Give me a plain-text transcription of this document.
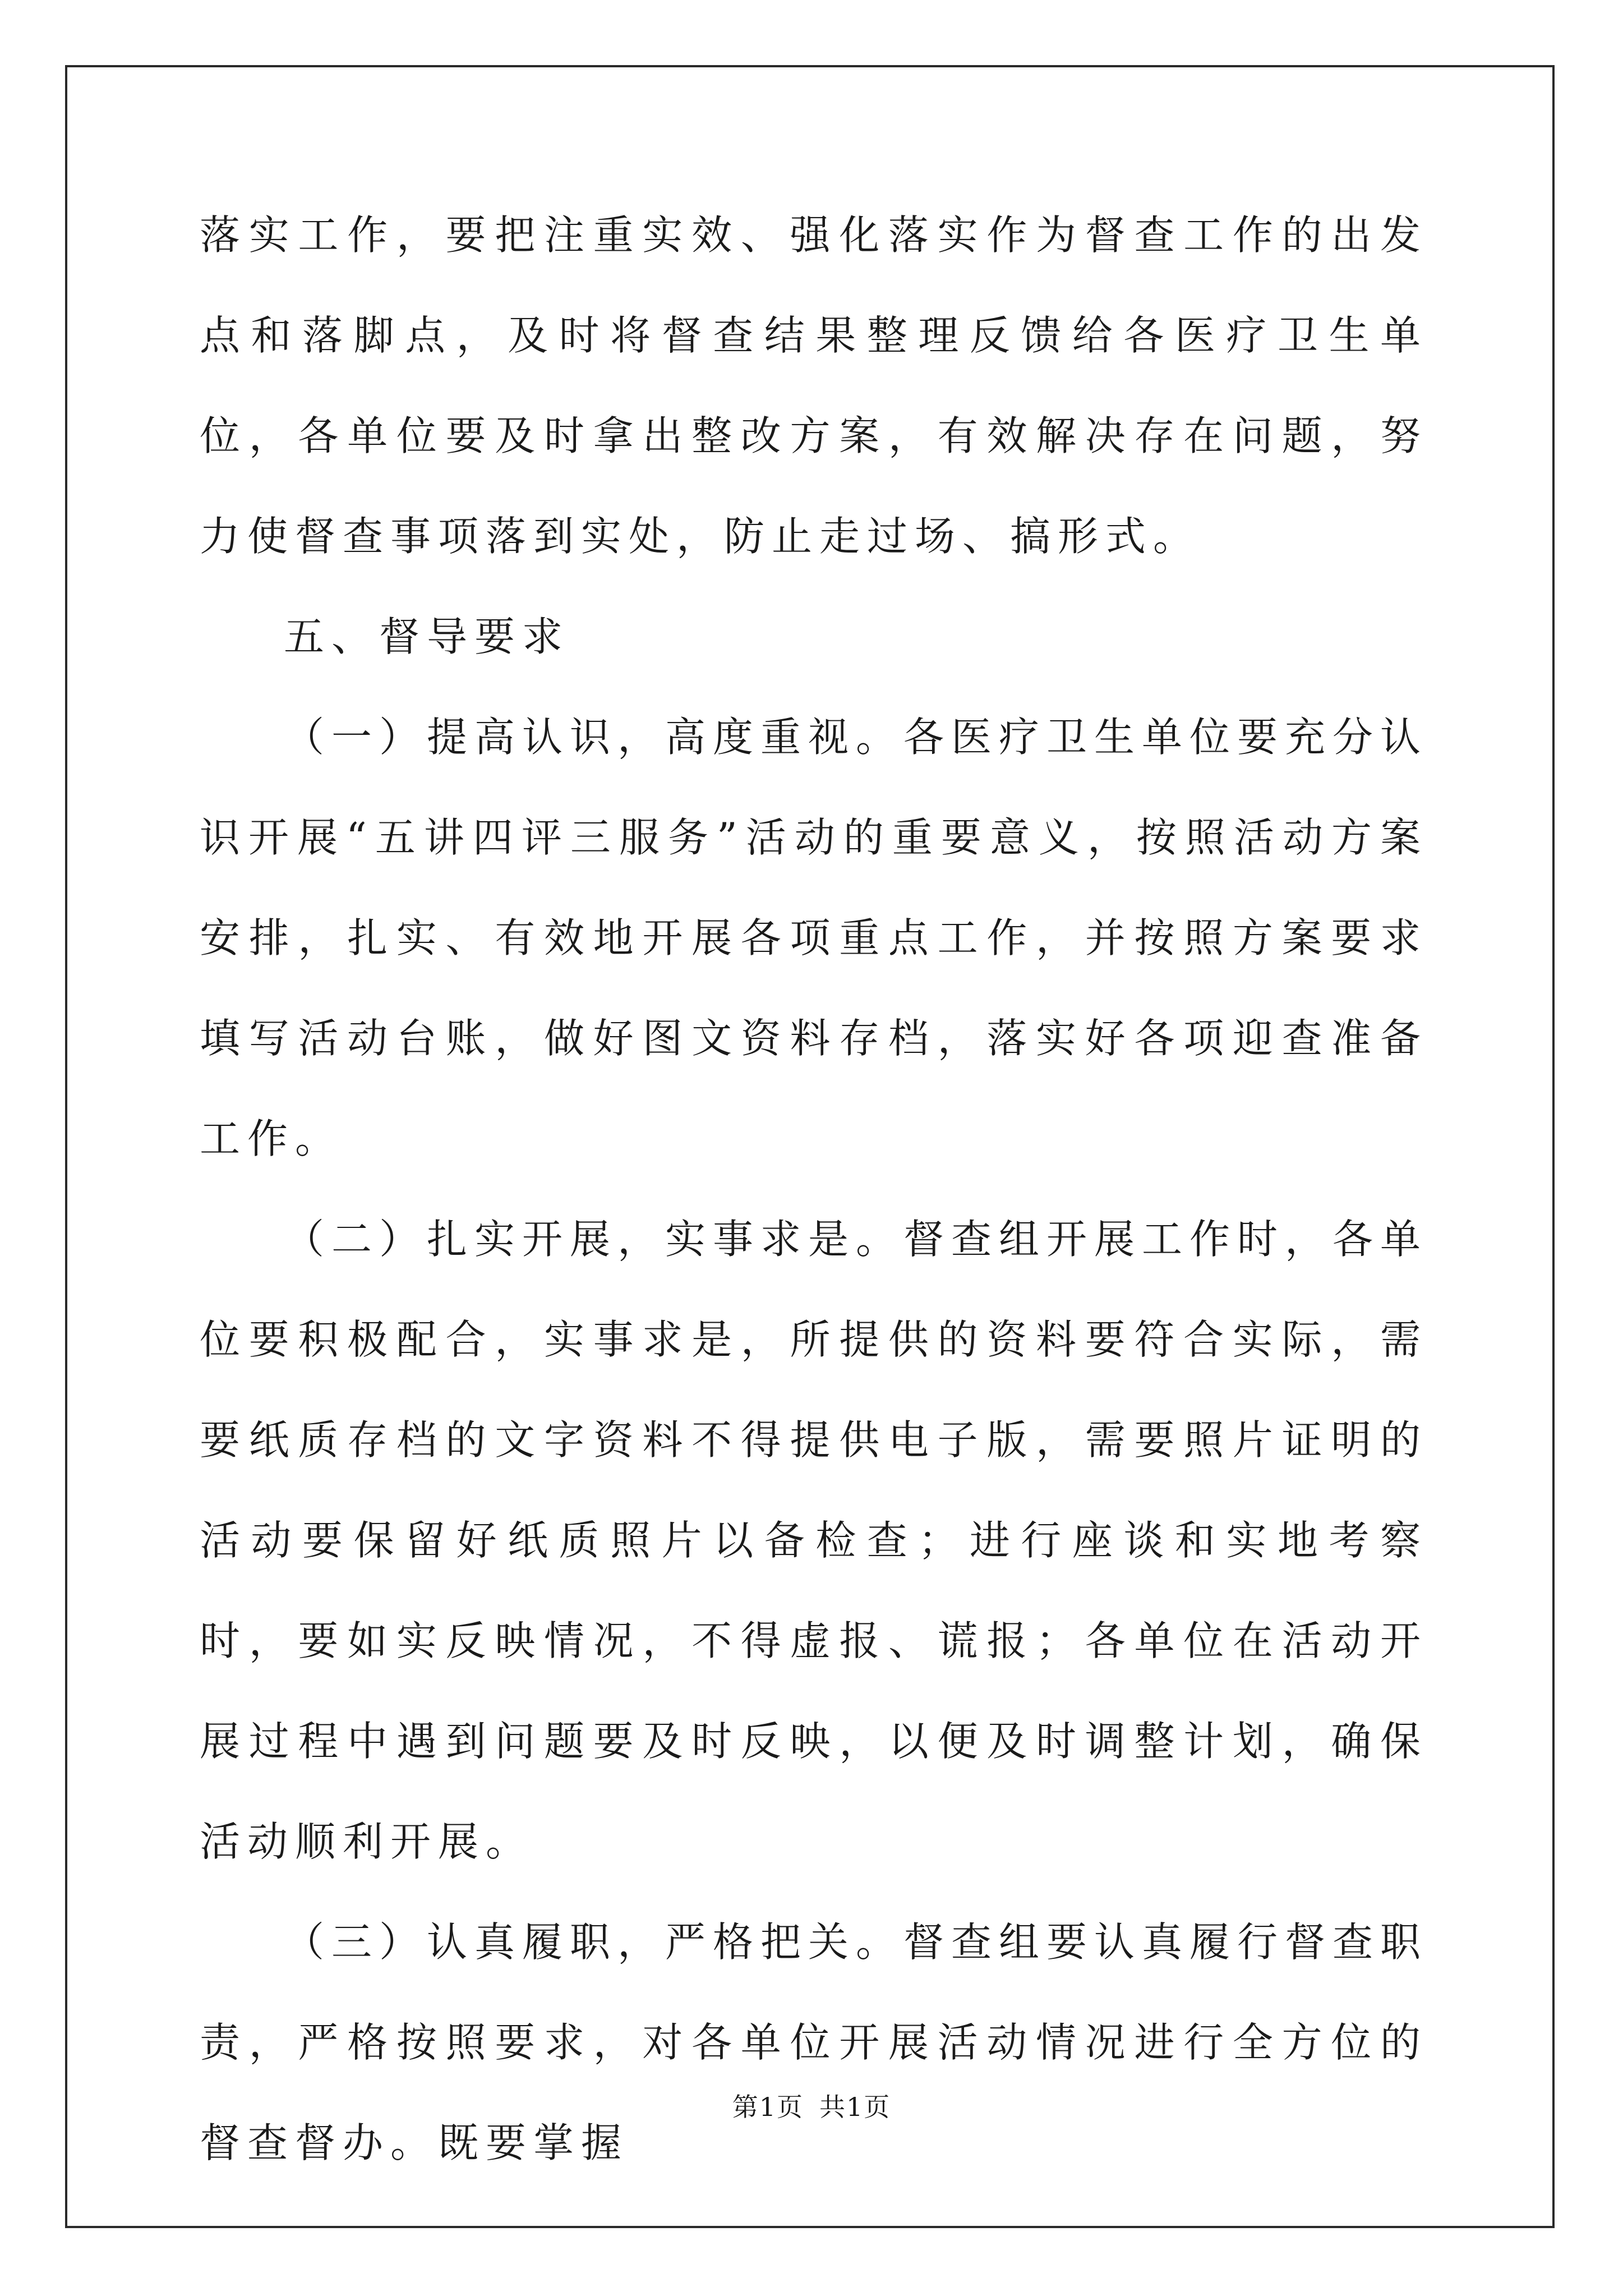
落实工作，要把注重实效、强化落实作为督查工作的出发点和落脚点，及时将督查结果整理反馈给各医疗卫生单位，各单位要及时拿出整改方案，有效解决存在问题，努力使督查事项落到实处，防止走过场、搞形式。

五、督导要求

（一）提高认识，高度重视。各医疗卫生单位要充分认识开展“五讲四评三服务”活动的重要意义，按照活动方案安排，扎实、有效地开展各项重点工作，并按照方案要求填写活动台账，做好图文资料存档，落实好各项迎查准备工作。

（二）扎实开展，实事求是。督查组开展工作时，各单位要积极配合，实事求是，所提供的资料要符合实际，需要纸质存档的文字资料不得提供电子版，需要照片证明的活动要保留好纸质照片以备检查；进行座谈和实地考察时，要如实反映情况，不得虚报、谎报；各单位在活动开展过程中遇到问题要及时反映，以便及时调整计划，确保活动顺利开展。

（三）认真履职，严格把关。督查组要认真履行督查职责，严格按照要求，对各单位开展活动情况进行全方位的督查督办。既要掌握

第1页 共1页
